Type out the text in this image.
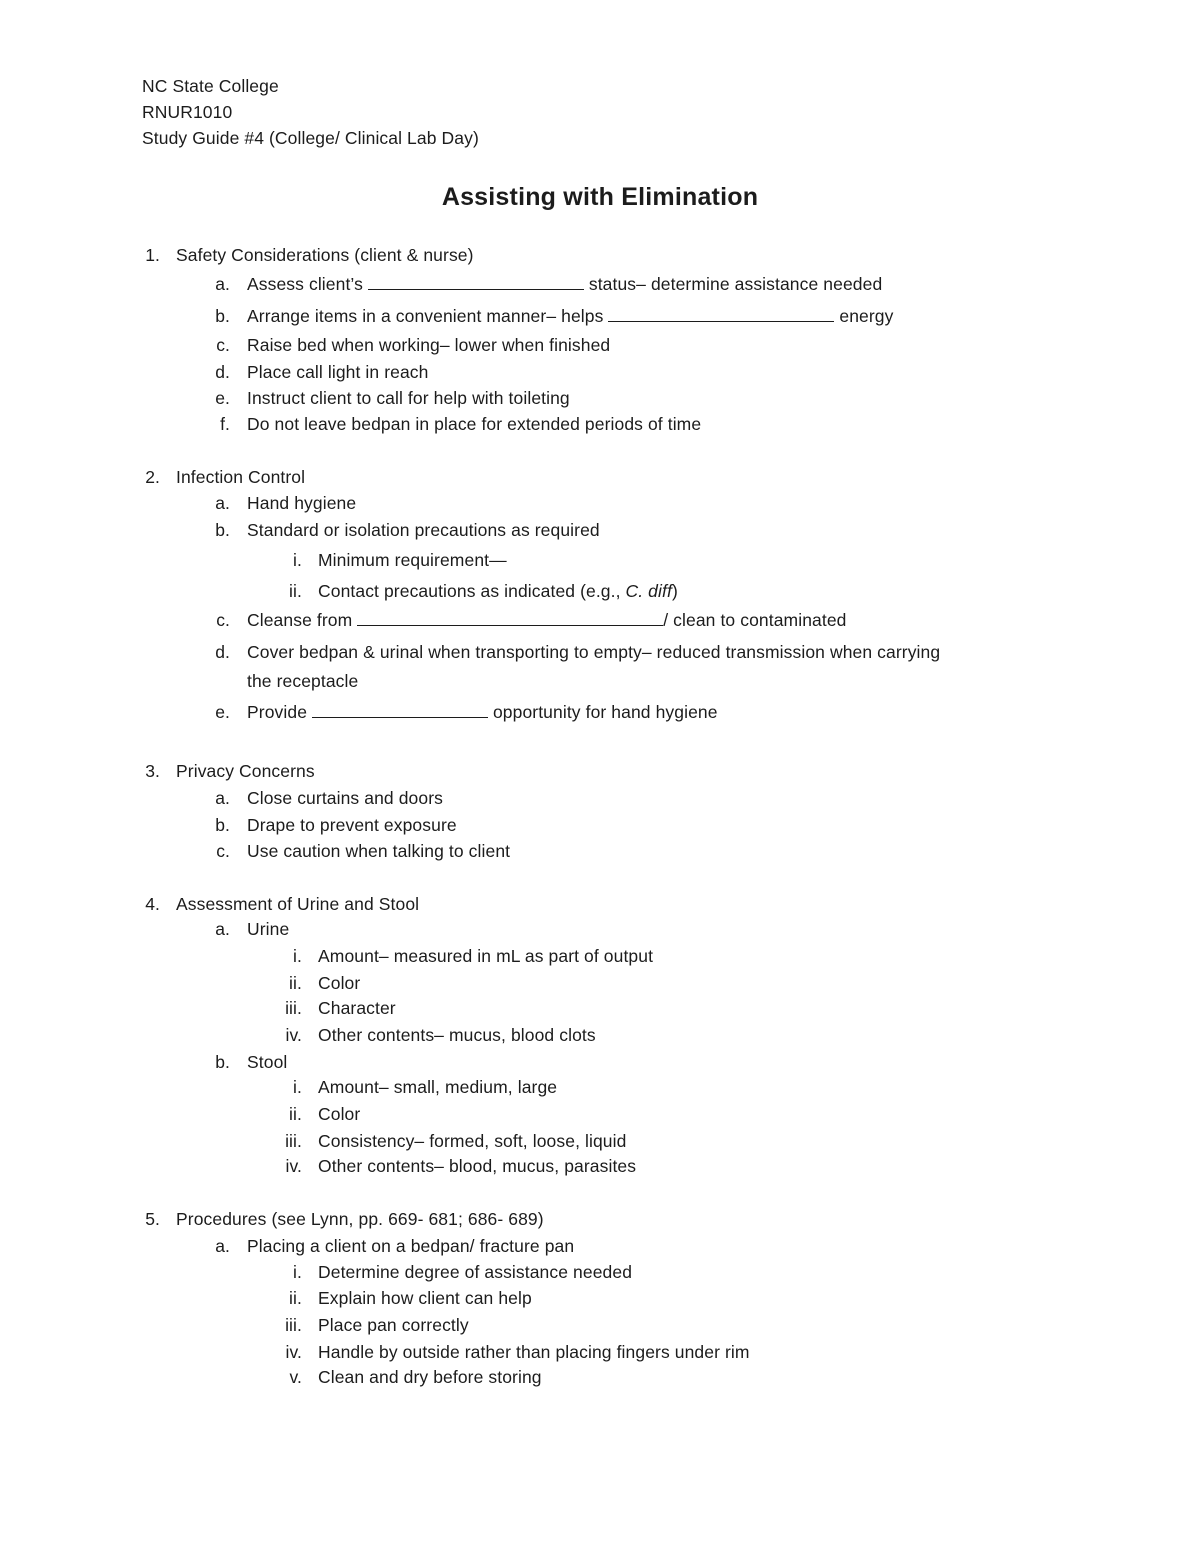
NC State College
RNUR1010
Study Guide #4 (College/ Clinical Lab Day)
Assisting with Elimination
1. Safety Considerations (client & nurse)
a. Assess client’s	status– determine assistance needed
b. Arrange items in a convenient manner– helps	energy
c. Raise bed when working– lower when finished
d. Place call light in reach
e. Instruct client to call for help with toileting
f. Do not leave bedpan in place for extended periods of time
2. Infection Control
a. Hand hygiene
b. Standard or isolation precautions as required
i. Minimum requirement—
ii. Contact precautions as indicated (e.g., C. diff)
c. Cleanse from	/ clean to contaminated
d. Cover bedpan & urinal when transporting to empty– reduced transmission when carrying
the receptacle
e. Provide	opportunity for hand hygiene
3. Privacy Concerns
a. Close curtains and doors
b. Drape to prevent exposure
c. Use caution when talking to client
4. Assessment of Urine and Stool
a. Urine
i. Amount– measured in mL as part of output
ii. Color
iii. Character
iv. Other contents– mucus, blood clots
b. Stool
i. Amount– small, medium, large
ii. Color
iii. Consistency– formed, soft, loose, liquid
iv. Other contents– blood, mucus, parasites
5. Procedures (see Lynn, pp. 669- 681; 686- 689)
a. Placing a client on a bedpan/ fracture pan
i. Determine degree of assistance needed
ii. Explain how client can help
iii. Place pan correctly
iv. Handle by outside rather than placing fingers under rim
v. Clean and dry before storing
